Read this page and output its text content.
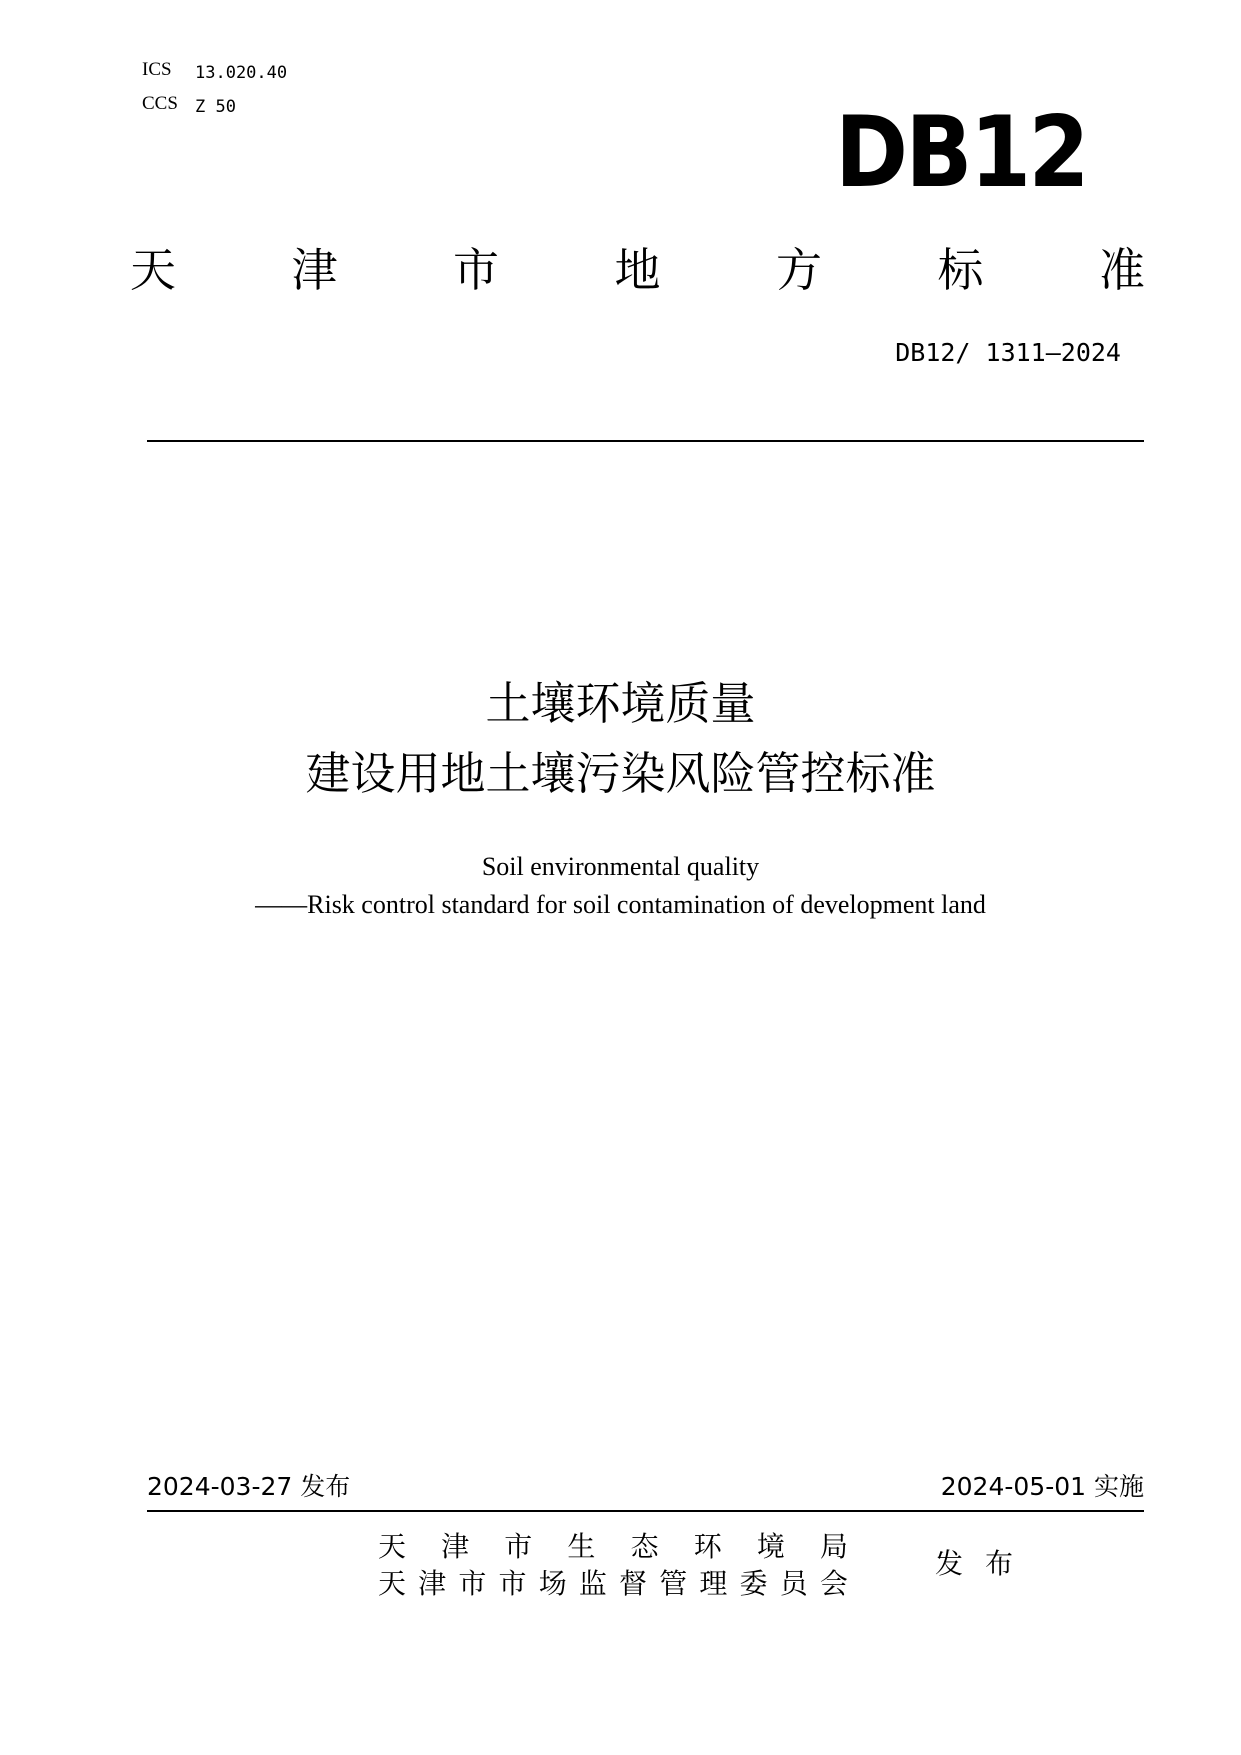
ICS 13.020.40
CCS Z 50	DB12
天	津	市	地	方	标	准
DB12/ 1311—2024
土壤环境质量
建设用地土壤污染风险管控标准
Soil environmental quality
——Risk control standard for soil contamination of development land
2024-03-27 发布	2024-05-01 实施
天 津 市 生 态 环 境 局
天 津 市 市 场 监 督 管 理 委 员 会
发 布
